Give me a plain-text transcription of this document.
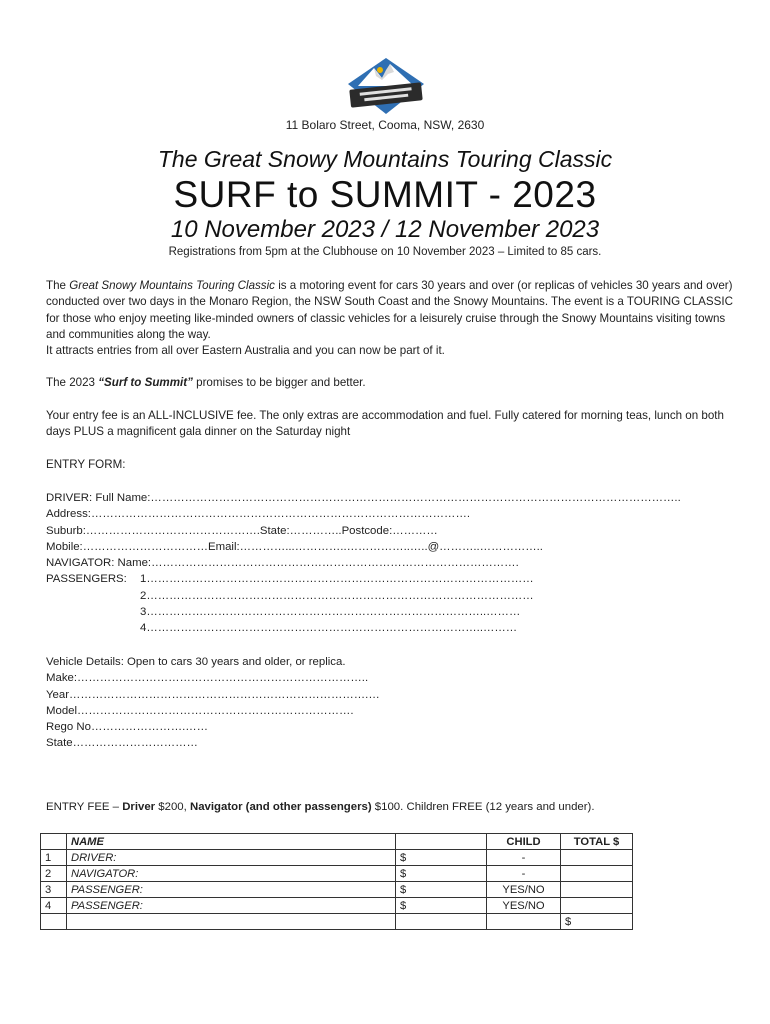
11 Bolaro Street, Cooma, NSW, 2630
The Great Snowy Mountains Touring Classic
SURF to SUMMIT - 2023
10 November 2023 / 12 November 2023
Registrations from 5pm at the Clubhouse on 10 November 2023 – Limited to 85 cars.

The Great Snowy Mountains Touring Classic is a motoring event for cars 30 years and over (or replicas of vehicles 30 years and over) conducted over two days in the Monaro Region, the NSW South Coast and the Snowy Mountains. The event is a TOURING CLASSIC for those who enjoy meeting like-minded owners of classic vehicles for a leisurely cruise through the Snowy Mountains visiting towns and communities along the way.

It attracts entries from all over Eastern Australia and you can now be part of it.

The 2023 “Surf to Summit” promises to be bigger and better.
Your entry fee is an ALL-INCLUSIVE fee. The only extras are accommodation and fuel. Fully catered for morning teas, lunch on both days PLUS a magnificent gala dinner on the Saturday night
ENTRY FORM:
DRIVER: Full Name:…………………………………………………………………………………………………………………………..
Address:……………………………………………………………………………………….
Suburb:……………………………………….State:…………..Postcode:…………
Mobile:……………………………Email:…………...…………..……………..…..@………..……………..
NAVIGATOR: Name:…………………………………………………………………………………….
PASSENGERS: 1…………………………………………………………………………………………
2…………………………………………………………………………………………
3…………….………………………………………………………………..………
4……………………………………………………………………………..………
Vehicle Details: Open to cars 30 years and older, or replica.
Make:…………………………………………………………………..
Year…………………………………………………………………….…
Model……………………………………………………………….
Rego No…………………….……
State……………………………
ENTRY FEE – Driver $200, Navigator (and other passengers) $100. Children FREE (12 years and under).
	NAME		CHILD	TOTAL $
1	DRIVER:	$	-	
2	NAVIGATOR:	$	-	
3	PASSENGER:	$	YES/NO	
4	PASSENGER:	$	YES/NO	
				$
